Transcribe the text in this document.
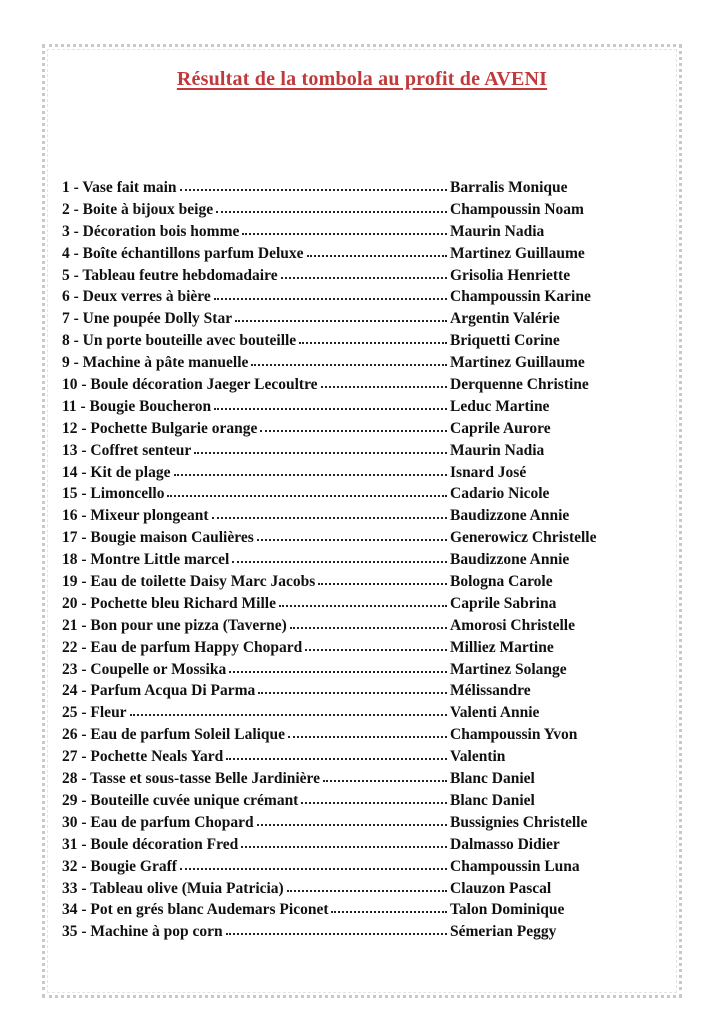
Résultat de la tombola au profit de AVENI
1 - Vase fait main	Barralis Monique
2 - Boite à bijoux beige	Champoussin Noam
3 - Décoration bois homme	Maurin Nadia
4 - Boîte échantillons parfum Deluxe	Martinez Guillaume
5 - Tableau feutre hebdomadaire	Grisolia Henriette
6 - Deux verres à bière	Champoussin Karine
7 - Une poupée Dolly Star	Argentin Valérie
8 - Un porte bouteille avec bouteille	Briquetti Corine
9 - Machine à pâte manuelle	Martinez Guillaume
10 - Boule décoration Jaeger Lecoultre	Derquenne Christine
11 - Bougie Boucheron	Leduc Martine
12 - Pochette Bulgarie orange	Caprile Aurore
13 - Coffret senteur	Maurin Nadia
14 - Kit de plage	Isnard José
15 - Limoncello	Cadario Nicole
16 - Mixeur plongeant	Baudizzone Annie
17 - Bougie maison Caulières	Generowicz Christelle
18 - Montre Little marcel	Baudizzone Annie
19 - Eau de toilette Daisy Marc Jacobs	Bologna Carole
20 - Pochette bleu Richard Mille	Caprile Sabrina
21 - Bon pour une pizza (Taverne)	Amorosi Christelle
22 - Eau de parfum Happy Chopard	Milliez Martine
23 - Coupelle or Mossika	Martinez Solange
24 - Parfum Acqua Di Parma	Mélissandre
25 - Fleur	Valenti Annie
26 - Eau de parfum Soleil Lalique	Champoussin Yvon
27 - Pochette Neals Yard	Valentin
28 - Tasse et sous-tasse Belle Jardinière	Blanc Daniel
29 - Bouteille cuvée unique crémant	Blanc Daniel
30 - Eau de parfum Chopard	Bussignies Christelle
31 - Boule décoration Fred	Dalmasso Didier
32 - Bougie Graff	Champoussin Luna
33 - Tableau olive (Muia Patricia)	Clauzon Pascal
34 - Pot en grés blanc Audemars Piconet	Talon Dominique
35 - Machine à pop corn	Sémerian Peggy
